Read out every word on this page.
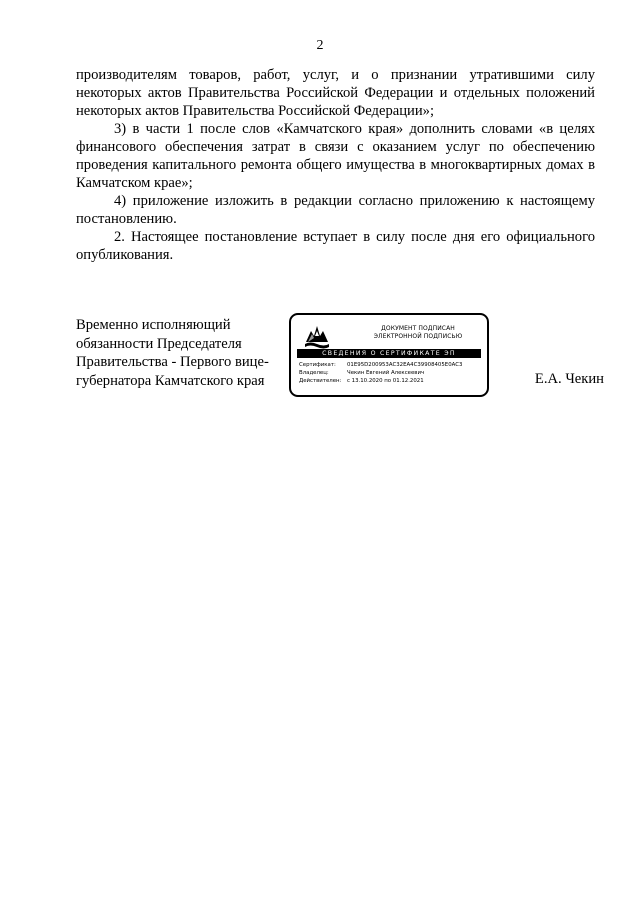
2

производителям товаров, работ, услуг, и о признании утратившими силу некоторых актов Правительства Российской Федерации и отдельных положений некоторых актов Правительства Российской Федерации»;

3) в части 1 после слов «Камчатского края» дополнить словами «в целях финансового обеспечения затрат в связи с оказанием услуг по обеспечению проведения капитального ремонта общего имущества в многоквартирных домах в Камчатском крае»;

4) приложение изложить в редакции согласно приложению к настоящему постановлению.

2. Настоящее постановление вступает в силу после дня его официального опубликования.

Временно исполняющий
обязанности Председателя
Правительства - Первого вице-
губернатора Камчатского края
ДОКУМЕНТ ПОДПИСАН
ЭЛЕКТРОННОЙ ПОДПИСЬЮ
СВЕДЕНИЯ О СЕРТИФИКАТЕ ЭП
Сертификат:	01E95D200953AC32EA4C39908405E0AC3
Владелец:	Чекин Евгений Алексеевич
Действителен:	с 13.10.2020 по 01.12.2021	Е.А. Чекин
